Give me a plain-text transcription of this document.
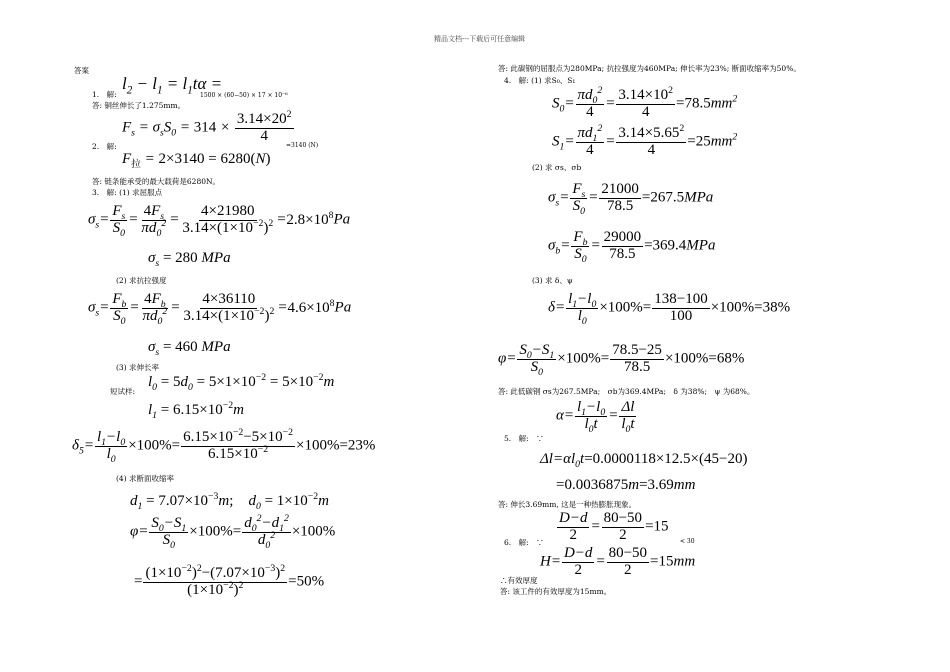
精品文档---下载后可任意编辑
答案
$l_2 - l_1 = l_1t\alpha$ =
1.　解:	1500 × (60−50) × 17 × 10⁻⁶
答: 铜丝伸长了1.275mm。
$F_s = \sigma_sS_0 = 314 \times \frac{3.14\times 20^2}{4}$
2.　解:	=3140 (N)
$F_拉 = 2\times 3140 = 6280(N)$
答: 链条能承受的最大载荷是6280N。
3.　解: (1) 求屈服点
$\sigma_s= \frac{F_s}{S_0} = \frac{4F_s}{\pi d_0^2} = \frac{4\times 21980}{3.14\times(1\times 10^{-2})^2} =2.8\times 10^8Pa$
$\sigma_s = 280$ MPa
(2) 求抗拉强度
$\sigma_s= \frac{F_b}{S_0} = \frac{4F_b}{\pi d_0^2} = \frac{4\times 36110}{3.14\times(1\times 10^{-2})^2} =4.6\times 10^8Pa$
$\sigma_s = 460$ MPa
(3) 求伸长率
短试样:
$l_0 = 5d_0 = 5\times 1\times 10^{-2} = 5\times 10^{-2}m$
$l_1 = 6.15\times 10^{-2}m$
$\delta_5= \frac{l_1-l_0}{l_0} \times 100\%= \frac{6.15\times 10^{-2}-5\times 10^{-2}}{6.15\times 10^{-2}} \times 100\%=23\%$
(4) 求断面收缩率
$d_1 = 7.07\times 10^{-3}m$;　$d_0 = 1\times 10^{-2}m$
$\varphi= \frac{S_0-S_1}{S_0} \times 100\%= \frac{d_0^2-d_1^2}{d_0^2} \times 100\%$
= $\frac{(1\times 10^{-2})^2-(7.07\times 10^{-3})^2}{(1\times 10^{-2})^2} =50\%$
答: 此碳钢的屈服点为280MPa; 抗拉强度为460MPa; 伸长率为23%; 断面收缩率为50%。
4.　解: (1) 求S₀、S₁
$S_0= \frac{\pi d_0^2}{4} = \frac{3.14\times 10^2}{4} =78.5mm^2$
$S_1= \frac{\pi d_1^2}{4} = \frac{3.14\times 5.65^2}{4} =25mm^2$
(2) 求 σs、σb
$\sigma_s= \frac{F_s}{S_0} = \frac{21000}{78.5} =267.5MPa$
$\sigma_b= \frac{F_b}{S_0} = \frac{29000}{78.5} =369.4MPa$
(3) 求 δ、ψ
$\delta= \frac{l_1-l_0}{l_0} \times 100\%= \frac{138-100}{100} \times 100\%=38\%$
$\varphi= \frac{S_0-S_1}{S_0} \times 100\%= \frac{78.5-25}{78.5} \times 100\%=68\%$
答: 此低碳钢 σs为267.5MPa;　σb为369.4MPa;　δ 为38%;　ψ 为68%。
$\alpha= \frac{l_1-l_0}{l_0t} = \frac{\Delta l}{l_0t}$
5.　解:　∵
$\Delta l=\alpha l_0t=0.0000118\times 12.5\times(45-20)$
=0.0036875m=3.69mm
答: 伸长3.69mm, 这是一种热膨胀现象。
$\frac{D-d}{2} = \frac{80-50}{2} =15$
6.　解:　∵	< 30
$H= \frac{D-d}{2} = \frac{80-50}{2} =15mm$
∴有效厚度
答: 该工件的有效厚度为15mm。
